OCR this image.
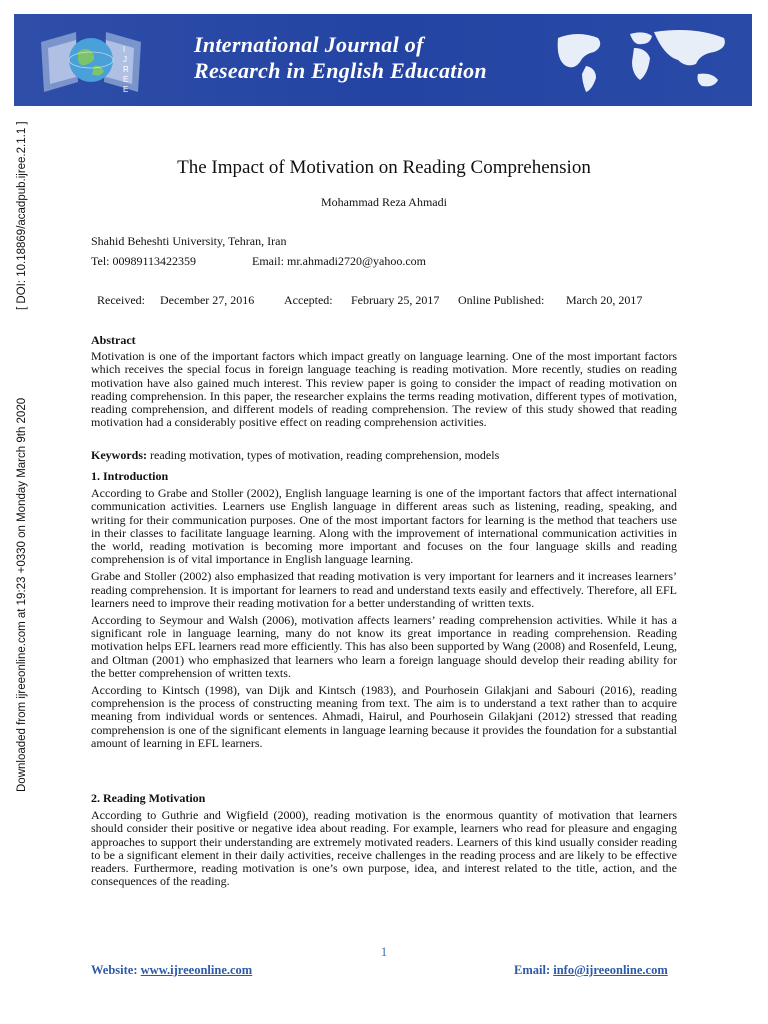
I
J
R
E
E
International Journal of
Research in English Education
[ DOI: 10.18869/acadpub.ijree.2.1.1 ]
Downloaded from ijreeonline.com at 19:23 +0330 on Monday March 9th 2020
The Impact of Motivation on Reading Comprehension
Mohammad Reza Ahmadi
Shahid Beheshti University, Tehran, Iran
Tel: 00989113422359	Email: mr.ahmadi2720@yahoo.com
Received: December 27, 2016 Accepted: February 25, 2017 Online Published: March 20, 2017
Abstract

Motivation is one of the important factors which impact greatly on language learning. One of the most important factors which receives the special focus in foreign language teaching is reading motivation. More recently, studies on reading motivation have also gained much interest. This review paper is going to consider the impact of reading motivation on reading comprehension. In this paper, the researcher explains the terms reading motivation, different types of motivation, reading comprehension, and different models of reading comprehension. The review of this study showed that reading motivation had a considerably positive effect on reading comprehension activities.

Keywords: reading motivation, types of motivation, reading comprehension, models
1. Introduction

According to Grabe and Stoller (2002), English language learning is one of the important factors that affect international communication activities. Learners use English language in different areas such as listening, reading, speaking, and writing for their communication purposes. One of the most important factors for learning is the method that teachers use in their classes to facilitate language learning. Along with the improvement of international communication activities in the world, reading motivation is becoming more important and focuses on the four language skills and reading comprehension is of vital importance in English language learning.

Grabe and Stoller (2002) also emphasized that reading motivation is very important for learners and it increases learners’ reading comprehension. It is important for learners to read and understand texts easily and effectively. Therefore, all EFL learners need to improve their reading motivation for a better understanding of written texts.

According to Seymour and Walsh (2006), motivation affects learners’ reading comprehension activities. While it has a significant role in language learning, many do not know its great importance in reading comprehension. Reading motivation helps EFL learners read more efficiently. This has also been supported by Wang (2008) and Rosenfeld, Leung, and Oltman (2001) who emphasized that learners who learn a foreign language should develop their reading ability for the better comprehension of written texts.

According to Kintsch (1998), van Dijk and Kintsch (1983), and Pourhosein Gilakjani and Sabouri (2016), reading comprehension is the process of constructing meaning from text. The aim is to understand a text rather than to acquire meaning from individual words or sentences. Ahmadi, Hairul, and Pourhosein Gilakjani (2012) stressed that reading comprehension is one of the significant elements in language learning because it provides the foundation for a substantial amount of learning in EFL learners.

2. Reading Motivation

According to Guthrie and Wigfield (2000), reading motivation is the enormous quantity of motivation that learners should consider their positive or negative idea about reading. For example, learners who read for pleasure and engaging approaches to support their understanding are extremely motivated readers. Learners of this kind usually consider reading to be a significant element in their daily activities, receive challenges in the reading process and are likely to be effective readers. Furthermore, reading motivation is one’s own purpose, idea, and interest related to the title, action, and the consequences of the reading.

1
Website: www.ijreeonline.com	Email: info@ijreeonline.com
